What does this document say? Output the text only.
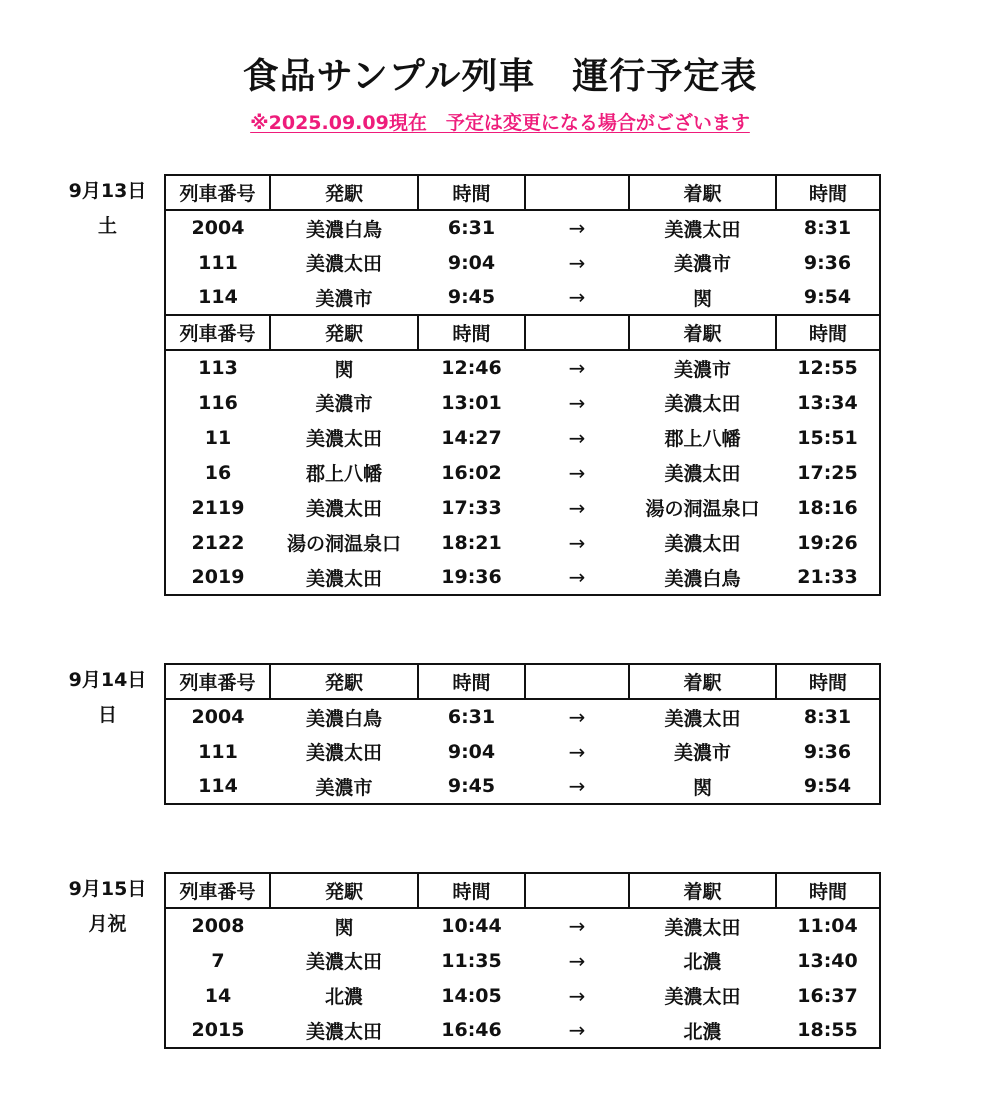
食品サンプル列車　運行予定表
※2025.09.09現在　予定は変更になる場合がございます
9月13日
土
列車番号	発駅	時間		着駅	時間
2004	美濃白鳥	6:31	→	美濃太田	8:31
111	美濃太田	9:04	→	美濃市	9:36
114	美濃市	9:45	→	関	9:54
列車番号	発駅	時間		着駅	時間
113	関	12:46	→	美濃市	12:55
116	美濃市	13:01	→	美濃太田	13:34
11	美濃太田	14:27	→	郡上八幡	15:51
16	郡上八幡	16:02	→	美濃太田	17:25
2119	美濃太田	17:33	→	湯の洞温泉口	18:16
2122	湯の洞温泉口	18:21	→	美濃太田	19:26
2019	美濃太田	19:36	→	美濃白鳥	21:33
9月14日
日
列車番号	発駅	時間		着駅	時間
2004	美濃白鳥	6:31	→	美濃太田	8:31
111	美濃太田	9:04	→	美濃市	9:36
114	美濃市	9:45	→	関	9:54
9月15日
月祝
列車番号	発駅	時間		着駅	時間
2008	関	10:44	→	美濃太田	11:04
7	美濃太田	11:35	→	北濃	13:40
14	北濃	14:05	→	美濃太田	16:37
2015	美濃太田	16:46	→	北濃	18:55
